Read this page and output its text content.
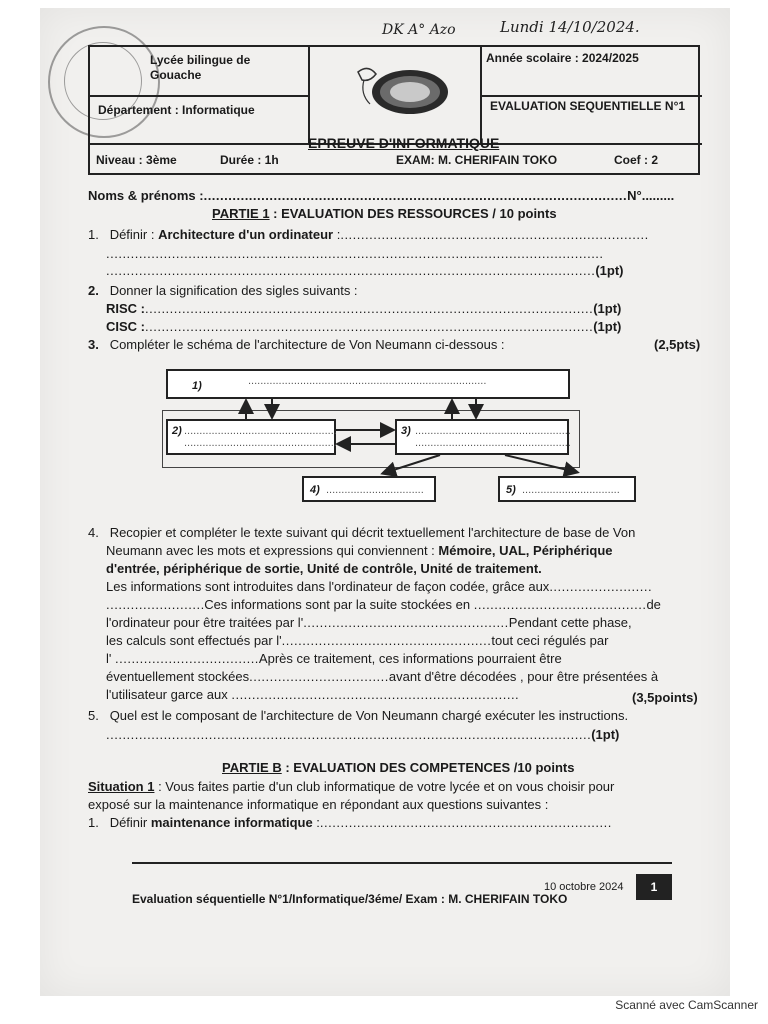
DK A° Azo	Lundi 14/10/2024.
Lycée bilingue de
Gouache
Département : Informatique
Année scolaire : 2024/2025
EVALUATION SEQUENTIELLE N°1
EPREUVE D'INFORMATIQUE
Niveau : 3ème	Durée : 1h	EXAM: M. CHERIFAIN TOKO	Coef : 2
Noms & prénoms :.......................................................................................................N°.........
PARTIE 1 : EVALUATION DES RESSOURCES / 10 points
1. Définir : Architecture d'un ordinateur :...........................................................................
.........................................................................................................................
.......................................................................................................................(1pt)
2. Donner la signification des sigles suivants :
RISC :.............................................................................................................(1pt)
CISC :.............................................................................................................(1pt)
3. Compléter le schéma de l'architecture de Von Neumann ci-dessous :	(2,5pts)
1)	..............................................................................
2) ..................................................
..................................................
3) ...................................................
...................................................
4) ................................	5) ................................
4. Recopier et compléter le texte suivant qui décrit textuellement l'architecture de base de Von
Neumann avec les mots et expressions qui conviennent : Mémoire, UAL, Périphérique
d'entrée, périphérique de sortie, Unité de contrôle, Unité de traitement.
Les informations sont introduites dans l'ordinateur de façon codée, grâce aux.........................
........................Ces informations sont par la suite stockées en ..........................................de
l'ordinateur pour être traitées par l'..................................................Pendant cette phase,
les calculs sont effectués par l'...................................................tout ceci régulés par
l' ...................................Après ce traitement, ces informations pourraient être
éventuellement stockées..................................avant d'être décodées , pour être présentées à
l'utilisateur garce aux ......................................................................	(3,5points)
5. Quel est le composant de l'architecture de Von Neumann chargé exécuter les instructions.
......................................................................................................................(1pt)
PARTIE B : EVALUATION DES COMPETENCES /10 points
Situation 1 : Vous faites partie d'un club informatique de votre lycée et on vous choisir pour
exposé sur la maintenance informatique en répondant aux questions suivantes :
1. Définir maintenance informatique :.......................................................................
10 octobre 2024	1
Evaluation séquentielle N°1/Informatique/3éme/ Exam : M. CHERIFAIN TOKO
Scanné avec CamScanner
